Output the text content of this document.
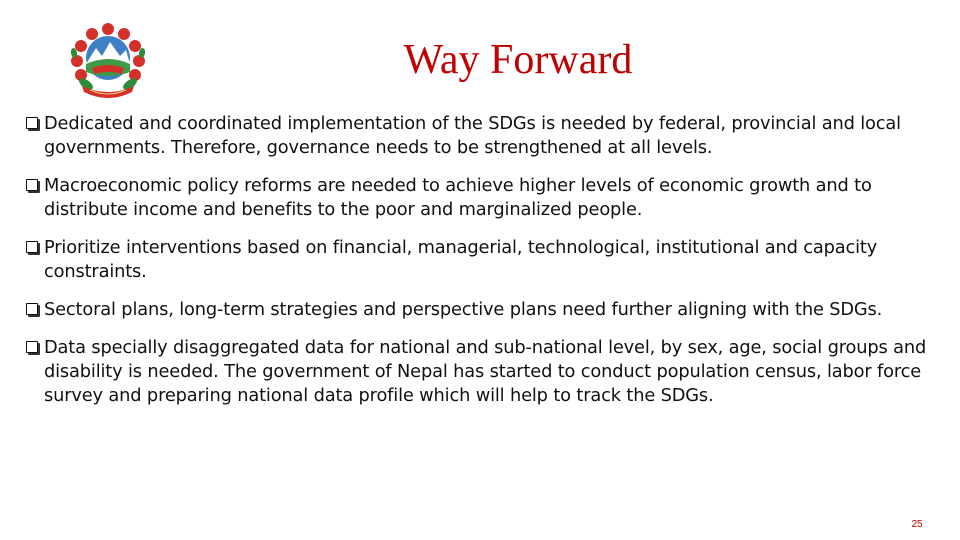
Way Forward
Dedicated and coordinated implementation of the SDGs is needed by federal, provincial and local governments. Therefore, governance needs to be strengthened at all levels.
Macroeconomic policy reforms are needed to achieve higher levels of economic growth and to distribute income and benefits to the poor and marginalized people.
Prioritize interventions based on financial, managerial, technological, institutional and capacity constraints.
Sectoral plans, long-term strategies and perspective plans need further aligning with the SDGs.
Data specially disaggregated data for national and sub-national level, by sex, age, social groups and disability is needed. The government of Nepal has started to conduct population census, labor force survey and preparing national data profile which will help to track the SDGs.
25
